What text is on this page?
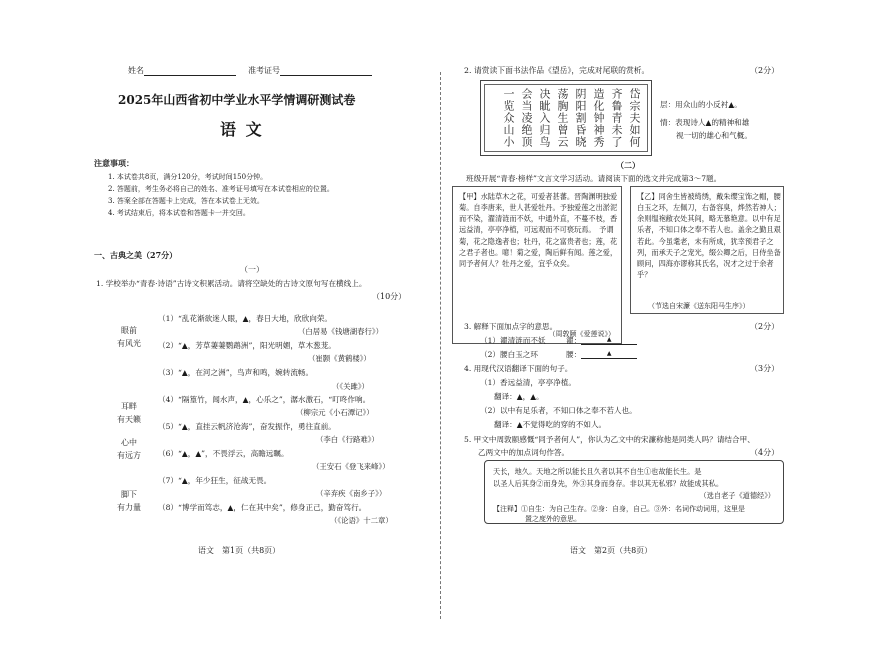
姓名	准考证号
2025年山西省初中学业水平学情调研测试卷
语 文
注意事项：
1. 本试卷共8页，满分120分，考试时间150分钟。
2. 答题前，考生务必将自己的姓名、准考证号填写在本试卷相应的位置。
3. 答案全部在答题卡上完成，答在本试卷上无效。
4. 考试结束后，将本试卷和答题卡一并交回。
一、古典之美（27分）
（一）
1. 学校举办“青春·诗语”古诗文积累活动。请将空缺处的古诗文原句写在横线上。
（10分）
眼前
有风光
耳畔
有天籁
心中
有远方
脚下
有力量
（1）“乱花渐欲迷人眼，▲，春日大地，欣欣向荣。
（白居易《钱塘湖春行》）
（2）“▲，芳草萋萋鹦鹉洲”，阳光明媚，草木葱茏。
（崔颢《黄鹤楼》）
（3）“▲，在河之洲”，鸟声和鸣，婉转流畅。
（《关雎》）
（4）“隔篁竹，闻水声，▲，心乐之”，潺水激石，“叮咚作响。
（柳宗元《小石潭记》）
（5）“▲，直挂云帆济沧海”，奋发振作，勇往直前。
（李白《行路难》）
（6）“▲，▲”，不畏浮云，高瞻远瞩。
（王安石《登飞来峰》）
（7）“▲，年少狂生，征战无畏。
（辛弃疾《南乡子》）
（8）“博学而笃志，▲，仁在其中矣”，修身正己，勤奋笃行。
（《论语》十二章）
语文　第1页（共8页）
2. 请赏读下面书法作品《望岳》，完成对尾联的赏析。	（2分）
岱宗夫如何
齐鲁青未了
造化钟神秀
阴阳割昏晓
荡胸生曾云
决眦入归鸟
会当凌绝顶
一览众山小	层：用众山的小反衬▲。
情：表现诗人▲的精神和雄
视一切的雄心和气概。
（二）
班级开展“青春·榜样”文言文学习活动。请阅读下面的选文并完成第3～7题。
【甲】水陆草木之花，可爱者甚蕃。晋陶渊明独爱菊。自李唐来，世人甚爱牡丹。予独爱莲之出淤泥而不染，濯清涟而不妖，中通外直，不蔓不枝，香远益清，亭亭净植，可远观而不可亵玩焉。　予谓菊，花之隐逸者也；牡丹，花之富贵者也；莲，花之君子者也。噫！菊之爱，陶后鲜有闻。莲之爱，同予者何人？牡丹之爱，宜乎众矣。
（周敦颐《爱莲说》）
【乙】同舍生皆被绮绣，戴朱缨宝饰之帽，腰白玉之环，左佩刀，右备容臭，烨然若神人；余则缊袍敝衣处其间，略无慕艳意。以中有足乐者，不知口体之奉不若人也。盖余之勤且艰若此。今虽耄老，未有所成，犹幸预君子之列，而承天子之宠光，缀公卿之后，日侍坐备顾问，四海亦谬称其氏名，况才之过于余者乎？
（节选自宋濂《送东阳马生序》）
3. 解释下面加点字的意思。	（2分）
（1）濯清涟而不妖	濯：	▲
（2）腰白玉之环	腰：	▲
4. 用现代汉语翻译下面的句子。	（3分）
（1）香远益清，亭亭净植。
翻译：▲，▲。
（2）以中有足乐者，不知口体之奉不若人也。
翻译：▲不觉得吃的穿的不如人。
5. 甲文中周敦颐感慨“同予者何人”，你认为乙文中的宋濂称他是同类人吗？请结合甲、
乙两文中的加点词句作答。	（4分）
天长，地久。天地之所以能长且久者以其不自生①也故能长生。是
以圣人后其身②而身先，外③其身而身存。非以其无私邪？故能成其私。
（选自老子《道德经》）
【注释】①自生：为自己生存。②身：自身，自己。③外：名词作动词用，这里是
置之度外的意思。
语文　第2页（共8页）
